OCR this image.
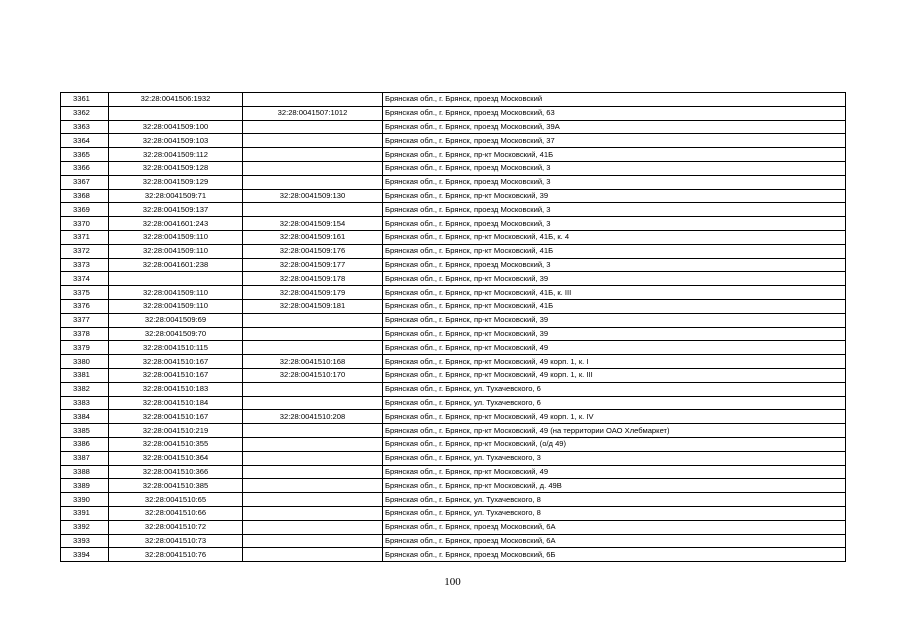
3361	32:28:0041506:1932		Брянская обл., г. Брянск, проезд Московский
3362		32:28:0041507:1012	Брянская обл., г. Брянск, проезд Московский, 63
3363	32:28:0041509:100		Брянская обл., г. Брянск, проезд Московский, 39А
3364	32:28:0041509:103		Брянская обл., г. Брянск, проезд Московский, 37
3365	32:28:0041509:112		Брянская обл., г. Брянск, пр-кт Московский, 41Б
3366	32:28:0041509:128		Брянская обл., г. Брянск, проезд Московский, 3
3367	32:28:0041509:129		Брянская обл., г. Брянск, проезд Московский, 3
3368	32:28:0041509:71	32:28:0041509:130	Брянская обл., г. Брянск, пр-кт Московский, 39
3369	32:28:0041509:137		Брянская обл., г. Брянск, проезд Московский, 3
3370	32:28:0041601:243	32:28:0041509:154	Брянская обл., г. Брянск, проезд Московский, 3
3371	32:28:0041509:110	32:28:0041509:161	Брянская обл., г. Брянск, пр-кт Московский, 41Б, к. 4
3372	32:28:0041509:110	32:28:0041509:176	Брянская обл., г. Брянск, пр-кт Московский, 41Б
3373	32:28:0041601:238	32:28:0041509:177	Брянская обл., г. Брянск, проезд Московский, 3
3374		32:28:0041509:178	Брянская обл., г. Брянск, пр-кт Московский, 39
3375	32:28:0041509:110	32:28:0041509:179	Брянская обл., г. Брянск, пр-кт Московский, 41Б, к. III
3376	32:28:0041509:110	32:28:0041509:181	Брянская обл., г. Брянск, пр-кт Московский, 41Б
3377	32:28:0041509:69		Брянская обл., г. Брянск, пр-кт Московский, 39
3378	32:28:0041509:70		Брянская обл., г. Брянск, пр-кт Московский, 39
3379	32:28:0041510:115		Брянская обл., г. Брянск, пр-кт Московский, 49
3380	32:28:0041510:167	32:28:0041510:168	Брянская обл., г. Брянск, пр-кт Московский, 49 корп. 1, к. I
3381	32:28:0041510:167	32:28:0041510:170	Брянская обл., г. Брянск, пр-кт Московский, 49 корп. 1, к. III
3382	32:28:0041510:183		Брянская обл., г. Брянск, ул. Тухачевского, 6
3383	32:28:0041510:184		Брянская обл., г. Брянск, ул. Тухачевского, 6
3384	32:28:0041510:167	32:28:0041510:208	Брянская обл., г. Брянск, пр-кт Московский, 49 корп. 1, к. IV
3385	32:28:0041510:219		Брянская обл., г. Брянск, пр-кт Московский, 49 (на территории ОАО Хлебмаркет)
3386	32:28:0041510:355		Брянская обл., г. Брянск, пр-кт Московский, (о/д 49)
3387	32:28:0041510:364		Брянская обл., г. Брянск, ул. Тухачевского, 3
3388	32:28:0041510:366		Брянская обл., г. Брянск, пр-кт Московский, 49
3389	32:28:0041510:385		Брянская обл., г. Брянск, пр-кт Московский, д. 49В
3390	32:28:0041510:65		Брянская обл., г. Брянск, ул. Тухачевского, 8
3391	32:28:0041510:66		Брянская обл., г. Брянск, ул. Тухачевского, 8
3392	32:28:0041510:72		Брянская обл., г. Брянск, проезд Московский, 6А
3393	32:28:0041510:73		Брянская обл., г. Брянск, проезд Московский, 6А
3394	32:28:0041510:76		Брянская обл., г. Брянск, проезд Московский, 6Б
100
